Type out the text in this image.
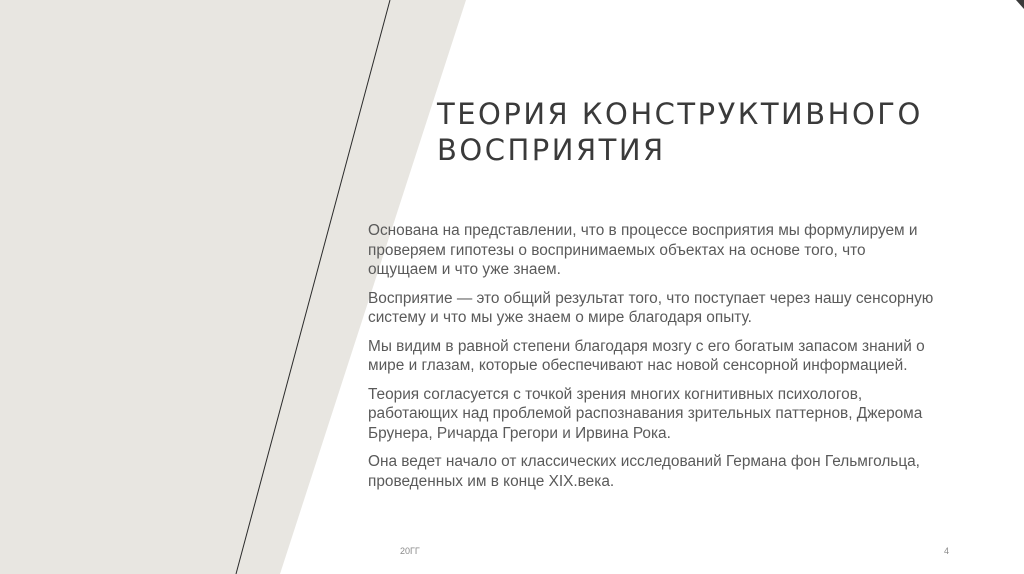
ТЕОРИЯ КОНСТРУКТИВНОГО
ВОСПРИЯТИЯ

Основана на представлении, что в процессе восприятия мы формулируем и проверяем гипотезы о воспринимаемых объектах на основе того, что ощущаем и что уже знаем.

Восприятие — это общий результат того, что поступает через нашу сенсорную систему и что мы уже знаем о мире благодаря опыту.

Мы видим в равной степени благодаря мозгу с его богатым запасом знаний о мире и глазам, которые обеспечивают нас новой сенсорной информацией.

Теория согласуется с точкой зрения многих когнитивных психологов, работающих над проблемой распознавания зрительных паттернов, Джерома Брунера, Ричарда Грегори и Ирвина Рока.

Она ведет начало от классических исследований Германа фон Гельмгольца, проведенных им в конце XIX.века.

20ГГ	4
